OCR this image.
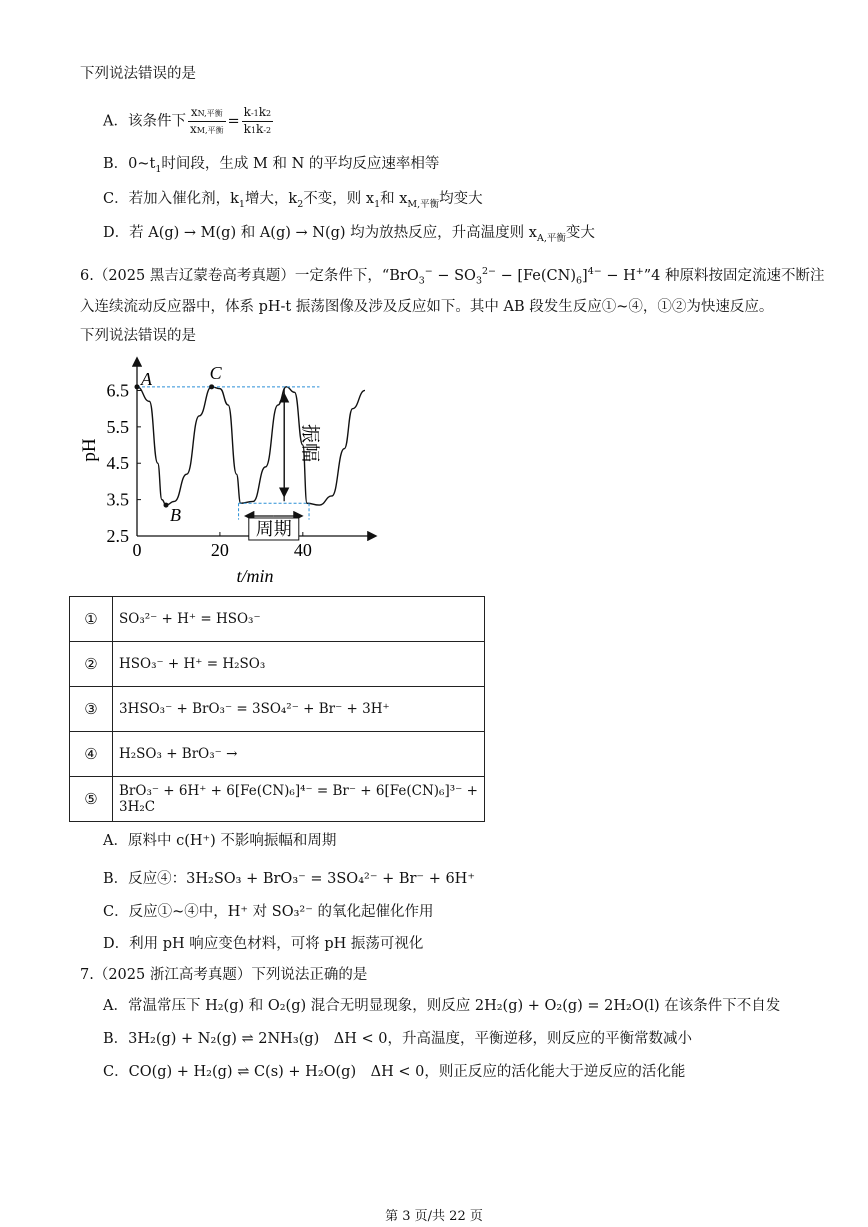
下列说法错误的是
A．该条件下 $\frac{\text{xN,平衡}}{\text{xM,平衡}} = \frac{k-1k2}{k1k-2}$
B．$0\sim t_1$时间段，生成 M 和 N 的平均反应速率相等
C．若加入催化剂，$k_1$增大，$k_2$不变，则 $x_1$和 $x_{M,平衡}$均变大
D．若 A(g) → M(g) 和 A(g) → N(g) 均为放热反应，升高温度则 $x_{A,平衡}$变大
6.（2025 黑吉辽蒙卷高考真题）一定条件下，“$BrO_3^- - SO_3^{2-} - [Fe(CN)_6]^{4-}$ − H+”4 种原料按固定流速不断注
入连续流动反应器中，体系 pH-t 振荡图像及涉及反应如下。其中 AB 段发生反应①~④，①②为快速反应。
下列说法错误的是
2.5
3.5
4.5
5.5
6.5
0	20	40
pH
t/min
振幅
周期
A
B
C
①	SO₃²⁻ + H⁺ = HSO₃⁻
②	HSO₃⁻ + H⁺ = H₂SO₃
③	3HSO₃⁻ + BrO₃⁻ = 3SO₄²⁻ + Br⁻ + 3H⁺
④	H₂SO₃ + BrO₃⁻ →
⑤	BrO₃⁻ + 6H⁺ + 6[Fe(CN)₆]⁴⁻ = Br⁻ + 6[Fe(CN)₆]³⁻ + 3H₂C
A．原料中 c(H⁺) 不影响振幅和周期
B．反应④：3H₂SO₃ + BrO₃⁻ = 3SO₄²⁻ + Br⁻ + 6H⁺
C．反应①~④中，H⁺ 对 SO₃²⁻ 的氧化起催化作用
D．利用 pH 响应变色材料，可将 pH 振荡可视化
7.（2025 浙江高考真题）下列说法正确的是
A．常温常压下 H₂(g) 和 O₂(g) 混合无明显现象，则反应 2H₂(g) + O₂(g) = 2H₂O(l) 在该条件下不自发
B．3H₂(g) + N₂(g) ⇌ 2NH₃(g)　ΔH < 0，升高温度，平衡逆移，则反应的平衡常数减小
C．CO(g) + H₂(g) ⇌ C(s) + H₂O(g)　ΔH < 0，则正反应的活化能大于逆反应的活化能
第 3 页/共 22 页
